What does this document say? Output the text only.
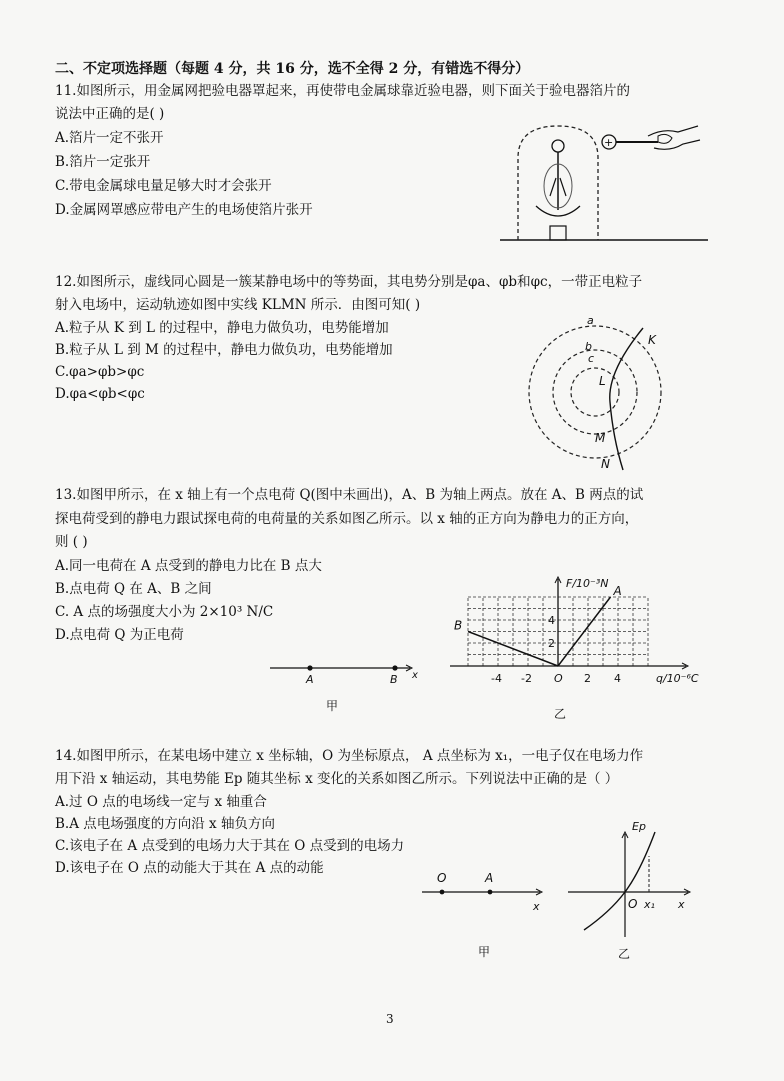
二、不定项选择题（每题 4 分，共 16 分，选不全得 2 分，有错选不得分）
11.如图所示，用金属网把验电器罩起来，再使带电金属球靠近验电器，则下面关于验电器箔片的
说法中正确的是( )
A.箔片一定不张开
B.箔片一定张开
C.带电金属球电量足够大时才会张开
D.金属网罩感应带电产生的电场使箔片张开
+
12.如图所示，虚线同心圆是一簇某静电场中的等势面，其电势分别是φa、φb和φc，一带正电粒子
射入电场中，运动轨迹如图中实线 KLMN 所示．由图可知( )
A.粒子从 K 到 L 的过程中，静电力做负功，电势能增加
B.粒子从 L 到 M 的过程中，静电力做负功，电势能增加
C.φa>φb>φc
D.φa<φb<φc
a
b
c
K
L
M
N
13.如图甲所示，在 x 轴上有一个点电荷 Q(图中未画出)，A、B 为轴上两点。放在 A、B 两点的试
探电荷受到的静电力跟试探电荷的电荷量的关系如图乙所示。以 x 轴的正方向为静电力的正方向，
则 ( )
A.同一电荷在 A 点受到的静电力比在 B 点大
B.点电荷 Q 在 A、B 之间
C. A 点的场强度大小为 2×10³ N/C
D.点电荷 Q 为正电荷
A	B x
甲
-4 -2 O 2 4
2
4
F/10⁻³N
q/10⁻⁶C
A
B
乙
14.如图甲所示，在某电场中建立 x 坐标轴，O 为坐标原点， A 点坐标为 x₁，一电子仅在电场力作
用下沿 x 轴运动，其电势能 Ep 随其坐标 x 变化的关系如图乙所示。下列说法中正确的是（ ）
A.过 O 点的电场线一定与 x 轴重合
B.A 点电场强度的方向沿 x 轴负方向
C.该电子在 A 点受到的电场力大于其在 O 点受到的电场力
D.该电子在 O 点的动能大于其在 A 点的动能
O	A
x
甲
Ep
O x₁ x
乙
3
